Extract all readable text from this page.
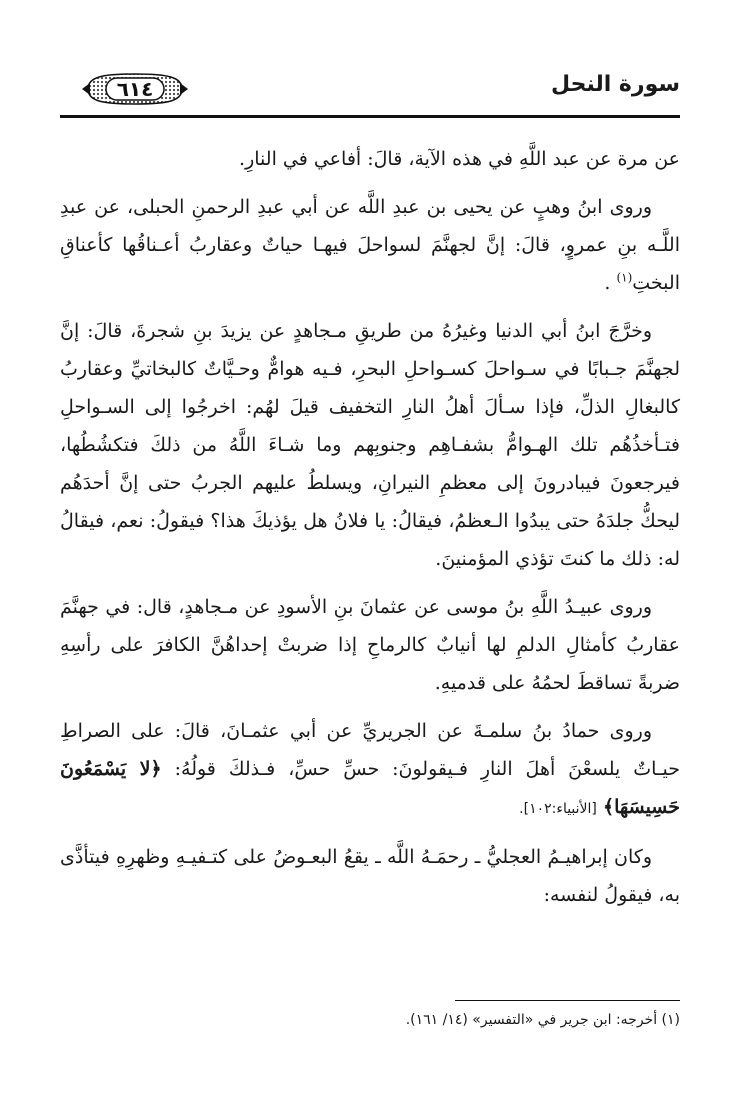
٦١٤	سورة النحل

عن مرة عن عبد اللَّهِ في هذه الآية، قالَ: أفاعي في النارِ.

وروى ابنُ وهبٍ عن يحيى بن عبدِ اللَّه عن أبي عبدِ الرحمنِ الحبلى، عن عبدِ اللَّـه بنِ عمروٍ، قالَ: إنَّ لجهنَّمَ لسواحلَ فيهـا حياتٌ وعقاربُ أعـناقُها كأعناقِ البختِ$^{(١)}$ .

وخرَّجَ ابنُ أبي الدنيا وغيرُهُ من طريقِ مـجاهدٍ عن يزيدَ بنِ شجرةَ، قالَ: إنَّ لجهنَّمَ جـبابًا في سـواحلَ كسـواحلِ البحرِ، فـيه هوامٌّ وحـيَّاتٌ كالبخاتيِّ وعقاربُ كالبغالِ الذلِّ، فإذا سـألَ أهلُ النارِ التخفيف قيلَ لهُم: اخرجُوا إلى السـواحلِ فتـأخذُهُم تلك الهـوامُّ بشفـاهِم وجنوبِهم وما شـاءَ اللَّهُ من ذلكَ فتكشُطُها، فيرجعونَ فيبادرونَ إلى معظمِ النيرانِ، ويسلطُ عليهم الجربُ حتى إنَّ أحدَهُم ليحكُّ جلدَهُ حتى يبدُوا الـعظمُ، فيقالُ: يا فلانُ هل يؤذيكَ هذا؟ فيقولُ: نعم، فيقالُ له: ذلك ما كنتَ تؤذي المؤمنينَ.

وروى عبيـدُ اللَّهِ بنُ موسى عن عثمانَ بنِ الأسودِ عن مـجاهدٍ، قال: في جهنَّمَ عقاربُ كأمثالِ الدلمِ لها أنيابٌ كالرماحِ إذا ضربتْ إحداهُنَّ الكافرَ على رأسِهِ ضربةً تساقطَ لحمُهُ على قدميهِ.

وروى حمادُ بنُ سلمـةَ عن الجريريِّ عن أبي عثمـانَ، قالَ: على الصراطِ حيـاتٌ يلسعْنَ أهلَ النارِ فـيقولونَ: حسِّ حسِّ، فـذلكَ قولُهُ: ﴿لا يَسْمَعُونَ حَسِيسَهَا﴾ [الأنبياء:١٠٢].

وكان إبراهيـمُ العجليُّ ـ رحمَـهُ اللَّه ـ يقعُ البعـوضُ على كتـفيـهِ وظهرِهِ فيتأذَّى به، فيقولُ لنفسه:

(١) أخرجه: ابن جرير في «التفسير» (١٤/ ١٦١).
